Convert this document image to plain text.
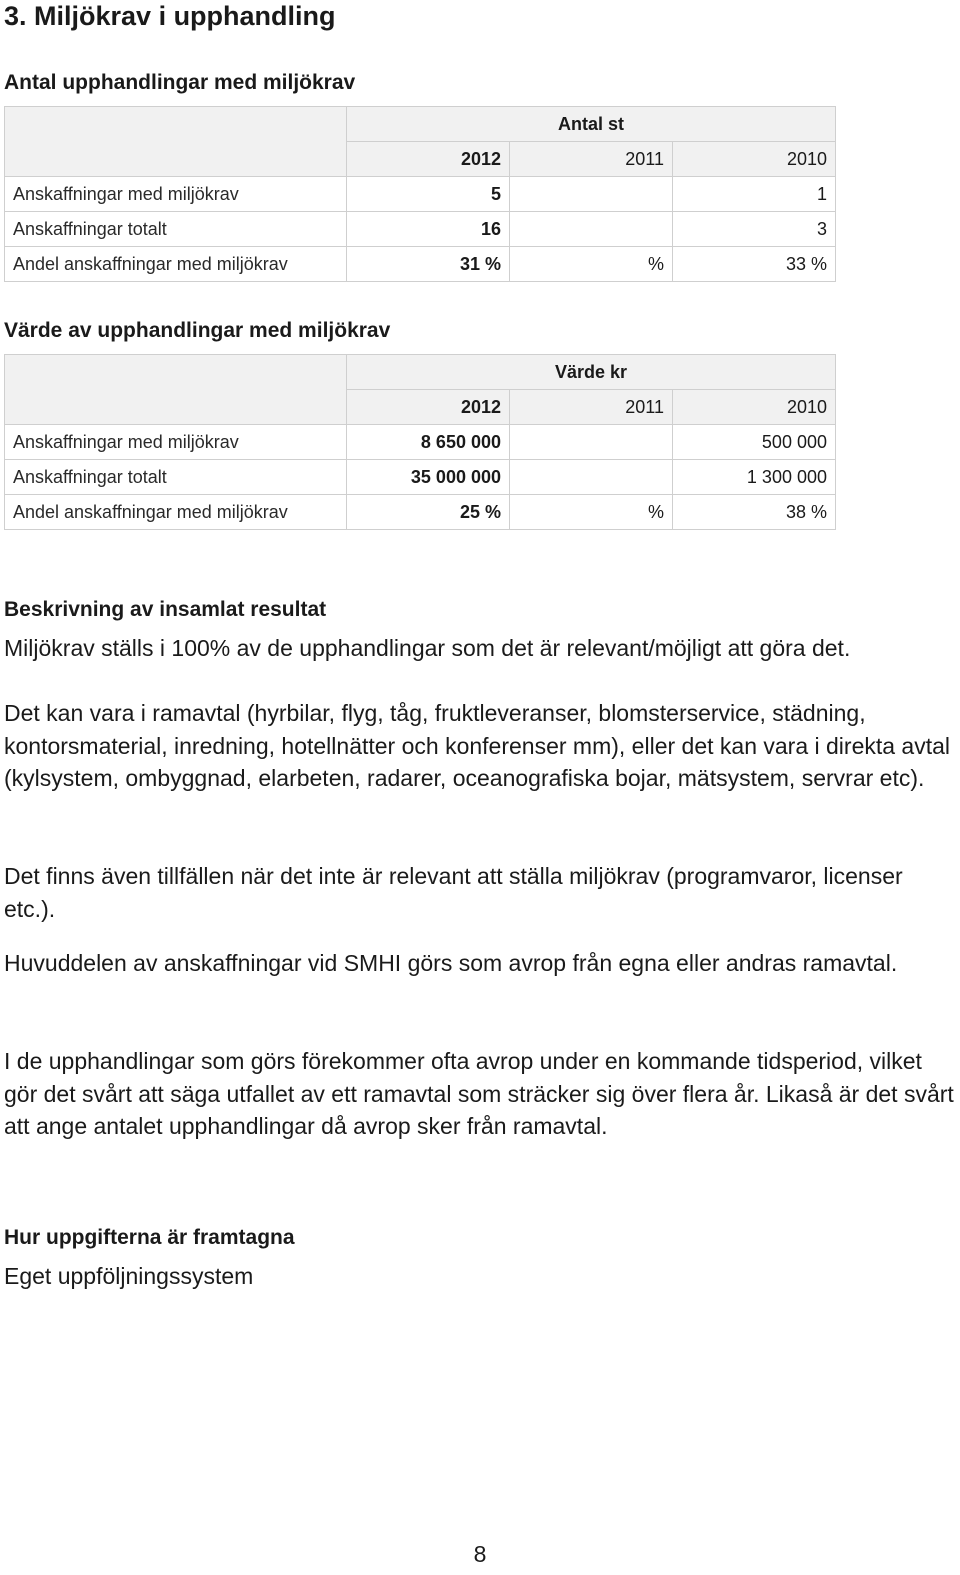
3. Miljökrav i upphandling
Antal upphandlingar med miljökrav
	Antal st		
	2012	2011	2010
Anskaffningar med miljökrav	5		1
Anskaffningar totalt	16		3
Andel anskaffningar med miljökrav	31 %	%	33 %
Värde av upphandlingar med miljökrav
	Värde kr		
	2012	2011	2010
Anskaffningar med miljökrav	8 650 000		500 000
Anskaffningar totalt	35 000 000		1 300 000
Andel anskaffningar med miljökrav	25 %	%	38 %
Beskrivning av insamlat resultat

Miljökrav ställs i 100% av de upphandlingar som det är relevant/möjligt att göra det.

Det kan vara i ramavtal (hyrbilar, flyg, tåg, fruktleveranser, blomsterservice, städning, kontorsmaterial, inredning, hotellnätter och konferenser mm), eller det kan vara i direkta avtal (kylsystem, ombyggnad, elarbeten, radarer, oceanografiska bojar, mätsystem, servrar etc).

Det finns även tillfällen när det inte är relevant att ställa miljökrav (programvaror, licenser etc.).

Huvuddelen av anskaffningar vid SMHI görs som avrop från egna eller andras ramavtal.

I de upphandlingar som görs förekommer ofta avrop under en kommande tidsperiod, vilket gör det svårt att säga utfallet av ett ramavtal som sträcker sig över flera år. Likaså är det svårt att ange antalet upphandlingar då avrop sker från ramavtal.

Hur uppgifterna är framtagna

Eget uppföljningssystem

8
